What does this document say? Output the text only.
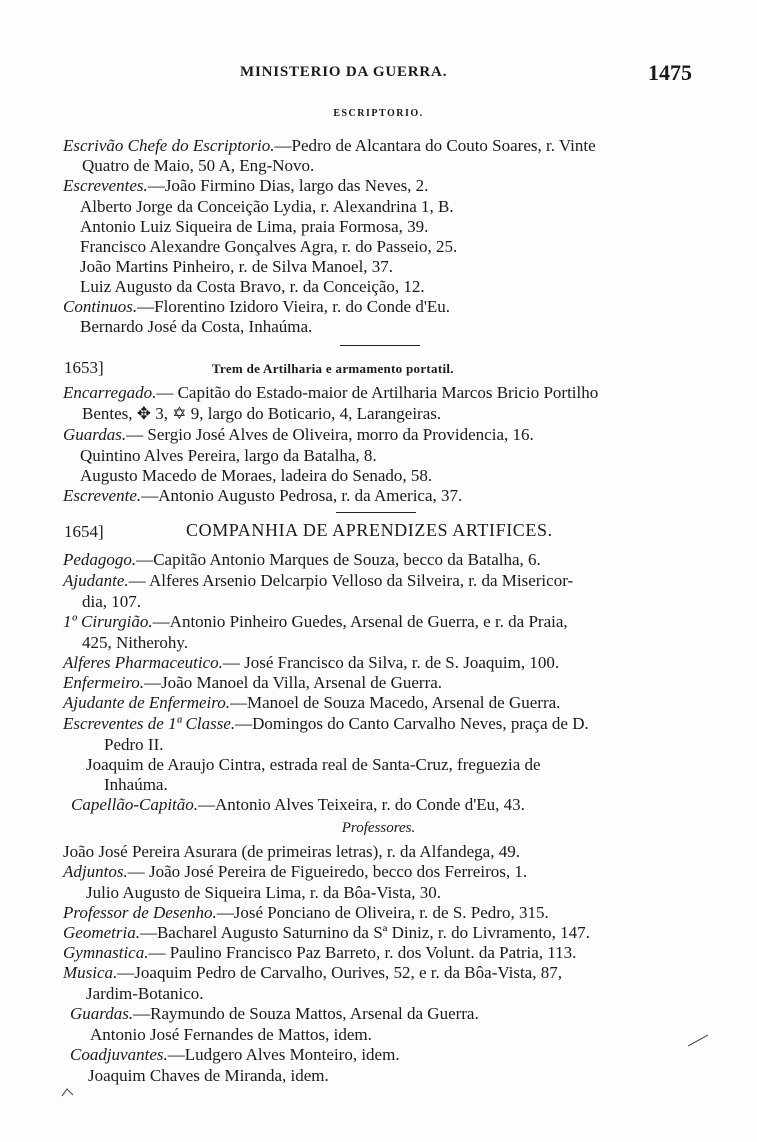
MINISTERIO DA GUERRA.	1475
ESCRIPTORIO.
Escrivão Chefe do Escriptorio.—Pedro de Alcantara do Couto Soares, r. Vinte
Quatro de Maio, 50 A, Eng-Novo.
Escreventes.—João Firmino Dias, largo das Neves, 2.
Alberto Jorge da Conceição Lydia, r. Alexandrina 1, B.
Antonio Luiz Siqueira de Lima, praia Formosa, 39.
Francisco Alexandre Gonçalves Agra, r. do Passeio, 25.
João Martins Pinheiro, r. de Silva Manoel, 37.
Luiz Augusto da Costa Bravo, r. da Conceição, 12.
Continuos.—Florentino Izidoro Vieira, r. do Conde d'Eu.
Bernardo José da Costa, Inhaúma.
1653]	Trem de Artilharia e armamento portatil.
Encarregado.— Capitão do Estado-maior de Artilharia Marcos Bricio Portilho
Bentes, ✥ 3, ✡ 9, largo do Boticario, 4, Larangeiras.
Guardas.— Sergio José Alves de Oliveira, morro da Providencia, 16.
Quintino Alves Pereira, largo da Batalha, 8.
Augusto Macedo de Moraes, ladeira do Senado, 58.
Escrevente.—Antonio Augusto Pedrosa, r. da America, 37.
1654]	COMPANHIA DE APRENDIZES ARTIFICES.
Pedagogo.—Capitão Antonio Marques de Souza, becco da Batalha, 6.
Ajudante.— Alferes Arsenio Delcarpio Velloso da Silveira, r. da Misericor-
dia, 107.
1º Cirurgião.—Antonio Pinheiro Guedes, Arsenal de Guerra, e r. da Praia,
425, Nitherohy.
Alferes Pharmaceutico.— José Francisco da Silva, r. de S. Joaquim, 100.
Enfermeiro.—João Manoel da Villa, Arsenal de Guerra.
Ajudante de Enfermeiro.—Manoel de Souza Macedo, Arsenal de Guerra.
Escreventes de 1ª Classe.—Domingos do Canto Carvalho Neves, praça de D.
Pedro II.
Joaquim de Araujo Cintra, estrada real de Santa-Cruz, freguezia de
Inhaúma.
Capellão-Capitão.—Antonio Alves Teixeira, r. do Conde d'Eu, 43.
Professores.
João José Pereira Asurara (de primeiras letras), r. da Alfandega, 49.
Adjuntos.— João José Pereira de Figueiredo, becco dos Ferreiros, 1.
Julio Augusto de Siqueira Lima, r. da Bôa-Vista, 30.
Professor de Desenho.—José Ponciano de Oliveira, r. de S. Pedro, 315.
Geometria.—Bacharel Augusto Saturnino da Sª Diniz, r. do Livramento, 147.
Gymnastica.— Paulino Francisco Paz Barreto, r. dos Volunt. da Patria, 113.
Musica.—Joaquim Pedro de Carvalho, Ourives, 52, e r. da Bôa-Vista, 87,
Jardim-Botanico.
Guardas.—Raymundo de Souza Mattos, Arsenal da Guerra.
Antonio José Fernandes de Mattos, idem.
Coadjuvantes.—Ludgero Alves Monteiro, idem.
Joaquim Chaves de Miranda, idem.
